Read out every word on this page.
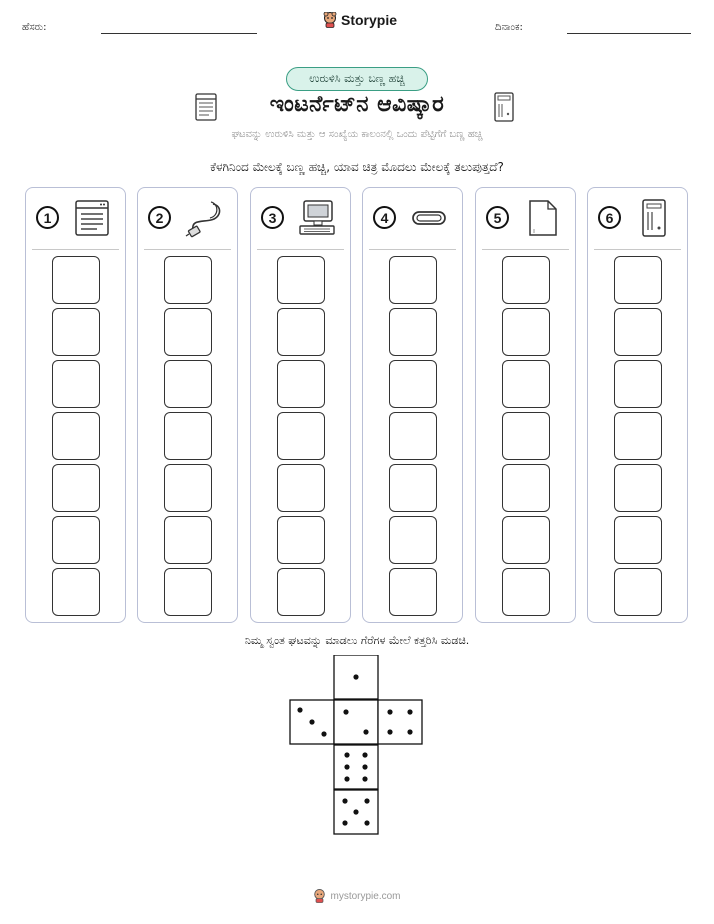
ಹೆಸರು:	Storypie	ದಿನಾಂಕ:
ಉರುಳಿಸಿ ಮತ್ತು ಬಣ್ಣ ಹಚ್ಚಿ
ಇಂಟರ್ನೆಟ್‌ನ ಆವಿಷ್ಕಾರ
ಘಟವನ್ನು ಉರುಳಿಸಿ ಮತ್ತು ಆ ಸಂಖ್ಯೆಯ ಕಾಲಂನಲ್ಲಿ ಒಂದು ಪೆಟ್ಟಿಗೆಗೆ ಬಣ್ಣ ಹಚ್ಚಿ
ಕೆಳಗಿನಿಂದ ಮೇಲಕ್ಕೆ ಬಣ್ಣ ಹಚ್ಚಿ, ಯಾವ ಚಿತ್ರ ಮೊದಲು ಮೇಲಕ್ಕೆ ತಲುಪುತ್ತದೆ?
1	2	3	4	5	6
ನಿಮ್ಮ ಸ್ವಂತ ಘಟವನ್ನು ಮಾಡಲು ಗೆರೆಗಳ ಮೇಲೆ ಕತ್ತರಿಸಿ ಮಡಚಿ.
mystorypie.com
